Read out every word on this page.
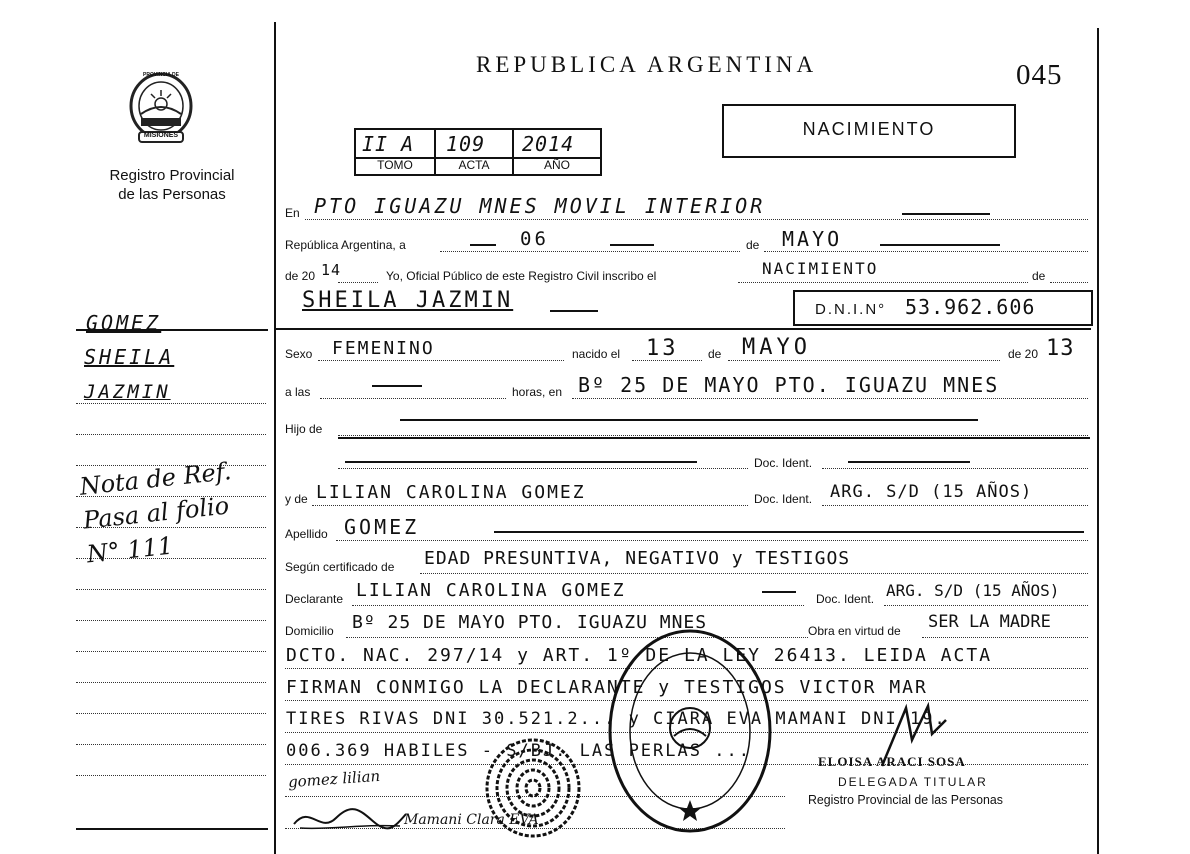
MISIONES
PROVINCIA DE
Registro Provincial
de las Personas
GOMEZ
SHEILA
JAZMIN
Nota de Ref.
Pasa al folio
N° 111
REPUBLICA ARGENTINA	045
II A 109 2014
TOMO	ACTA	AÑO
NACIMIENTO
En PTO IGUAZU MNES MOVIL INTERIOR
República Argentina, a	06	de MAYO
de 20 14	Yo, Oficial Público de este Registro Civil inscribo el	NACIMIENTO	de
SHEILA JAZMIN	D.N.I.N° 53.962.606
Sexo FEMENINO	nacido el 13 de MAYO	de 20 13
a las	horas, en Bº 25 DE MAYO PTO. IGUAZU MNES
Hijo de
Doc. Ident.
y de LILIAN CAROLINA GOMEZ	Doc. Ident. ARG. S/D (15 AÑOS)
Apellido GOMEZ
Según certificado de EDAD PRESUNTIVA, NEGATIVO y TESTIGOS
Declarante LILIAN CAROLINA GOMEZ	Doc. Ident. ARG. S/D (15 AÑOS)
Domicilio Bº 25 DE MAYO PTO. IGUAZU MNES	Obra en virtud de SER LA MADRE
DCTO. NAC. 297/14 y ART. 1º DE LA LEY 26413. LEIDA ACTA
FIRMAN CONMIGO LA DECLARANTE y TESTIGOS VICTOR MAR
TIRES RIVAS DNI 30.521.2... y CIARA EVA MAMANI DNI 19.
006.369 HABILES - S/BJ. LAS PERLAS ...
gomez lilian
Mamani Clara EVA
ELOISA ARACI SOSA
DELEGADA TITULAR
Registro Provincial de las Personas
